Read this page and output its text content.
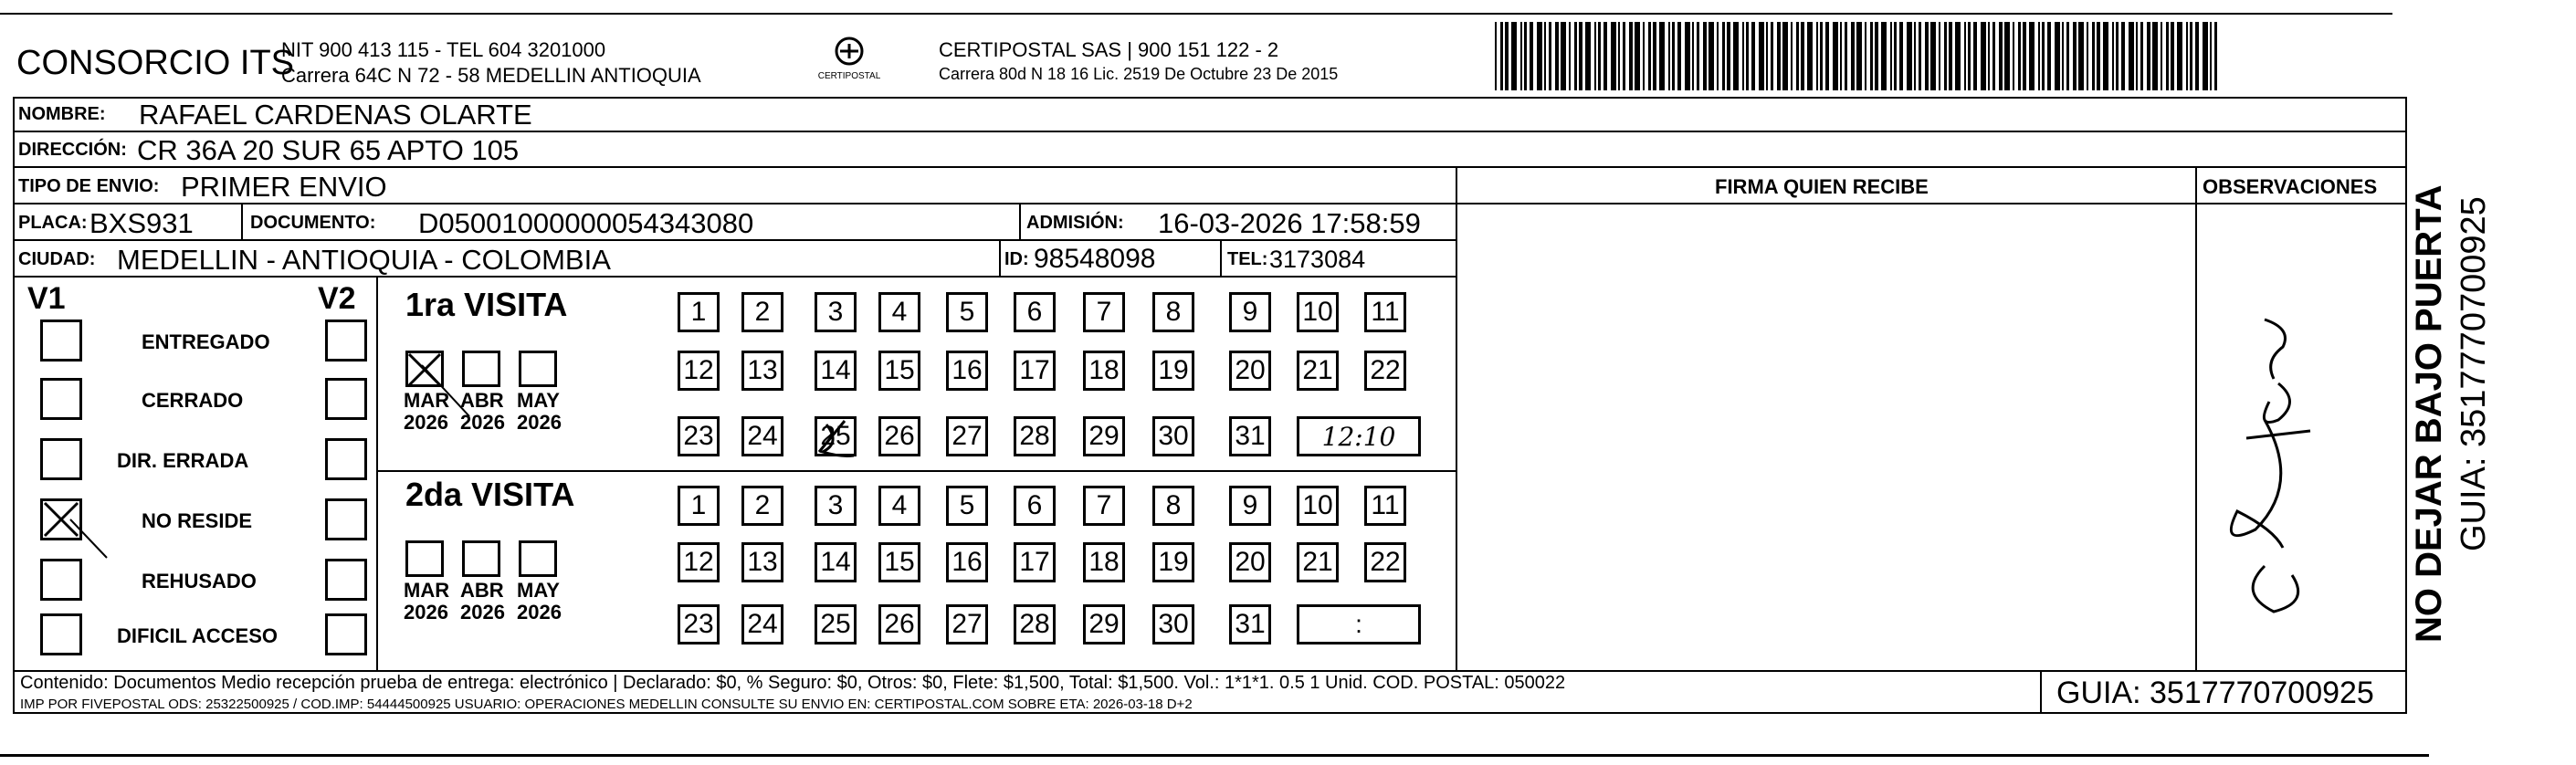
CONSORCIO ITS
NIT 900 413 115 - TEL 604 3201000
Carrera 64C N 72 - 58 MEDELLIN ANTIOQUIA	CERTIPOSTAL
CERTIPOSTAL SAS | 900 151 122 - 2
Carrera 80d N 18 16 Lic. 2519 De Octubre 23 De 2015
NOMBRE: RAFAEL CARDENAS OLARTE
DIRECCIÓN: CR 36A 20 SUR 65 APTO 105
TIPO DE ENVIO: PRIMER ENVIO	FIRMA QUIEN RECIBE	OBSERVACIONES
PLACA: BXS931	DOCUMENTO: D05001000000054343080	ADMISIÓN: 16-03-2026 17:58:59
CIUDAD: MEDELLIN - ANTIOQUIA - COLOMBIA	ID: 98548098	TEL: 3173084
V1	V2
ENTREGADO
CERRADO
DIR. ERRADA
NO RESIDE
REHUSADO
DIFICIL ACCESO
1ra VISITA
MAR
2026
ABR
2026
MAY
2026
1 2 3 4 5 6 7 8 9 10 11
12 13 14 15 16 17 18 19 20 21 22
23 24 25 26 27 28 29 30 31 12:10
2da VISITA
MAR
2026
ABR
2026
MAY
2026
1 2 3 4 5 6 7 8 9 10 11
12 13 14 15 16 17 18 19 20 21 22
23 24 25 26 27 28 29 30 31	:
Contenido: Documentos Medio recepción prueba de entrega: electrónico | Declarado: $0, % Seguro: $0, Otros: $0, Flete: $1,500, Total: $1,500. Vol.: 1*1*1. 0.5 1 Unid. COD. POSTAL: 050022
IMP POR FIVEPOSTAL ODS: 25322500925 / COD.IMP: 54444500925 USUARIO: OPERACIONES MEDELLIN CONSULTE SU ENVIO EN: CERTIPOSTAL.COM SOBRE ETA: 2026-03-18 D+2	GUIA: 3517770700925
NO DEJAR BAJO PUERTA GUIA: 3517770700925
